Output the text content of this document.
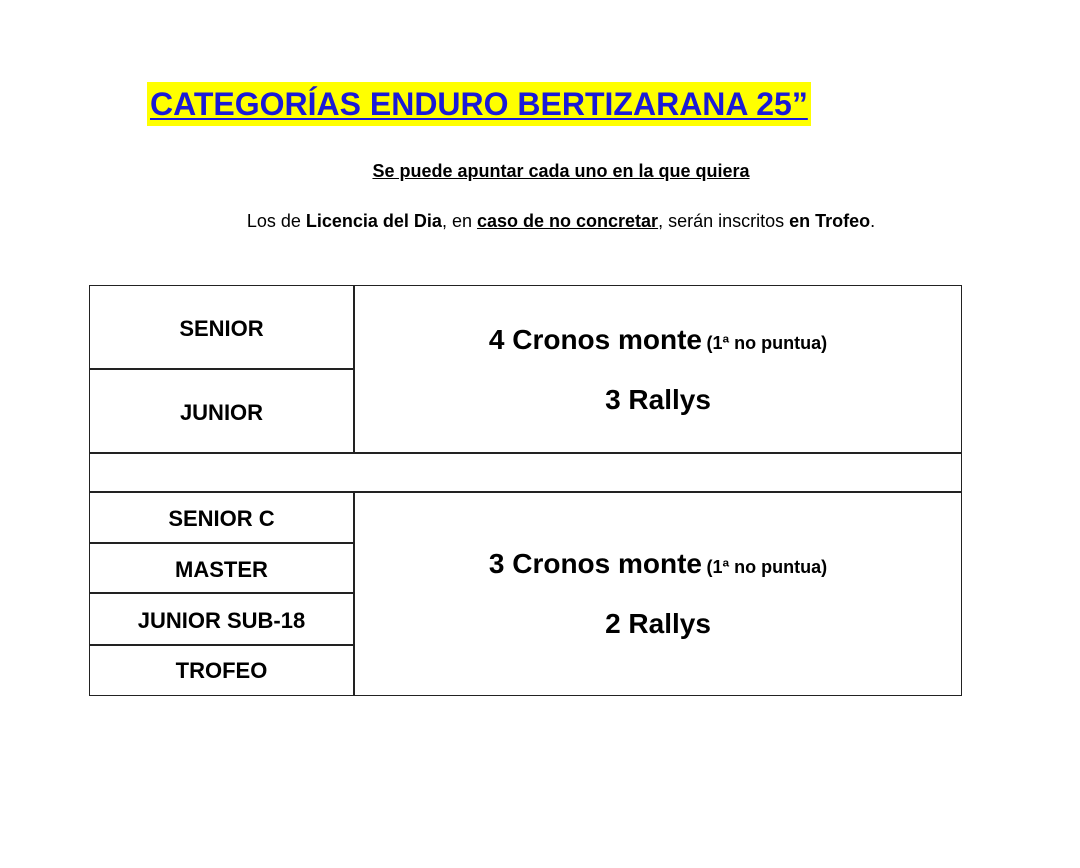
CATEGORÍAS ENDURO BERTIZARANA 25”
Se puede apuntar cada uno en la que quiera
Los de Licencia del Dia, en caso de no concretar, serán inscritos en Trofeo.
SENIOR
JUNIOR
4 Cronos monte (1ª no puntua)
3 Rallys
SENIOR C
MASTER
JUNIOR SUB-18
TROFEO
3 Cronos monte (1ª no puntua)
2 Rallys
